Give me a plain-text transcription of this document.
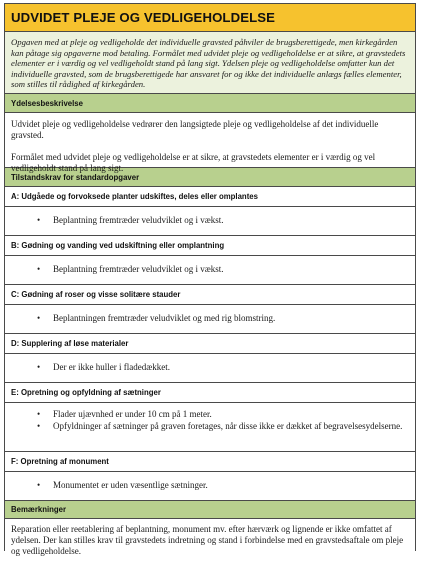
UDVIDET PLEJE OG VEDLIGEHOLDELSE
Opgaven med at pleje og vedligeholde det individuelle gravsted påhviler de brugsberettigede, men kirkegården kan påtage sig opgaverne mod betaling. Formålet med udvidet pleje og vedligeholdelse er at sikre, at gravstedets elementer er i værdig og vel vedligeholdt stand på lang sigt. Ydelsen pleje og vedligeholdelse omfatter kun det individuelle gravsted, som de brugsberettigede har ansvaret for og ikke det individuelle anlægs fælles elementer, som stilles til rådighed af kirkegården.
Ydelsesbeskrivelse

Udvidet pleje og vedligeholdelse vedrører den langsigtede pleje og vedligeholdelse af det individuelle gravsted.

Formålet med udvidet pleje og vedligeholdelse er at sikre, at gravstedets elementer er i værdig og vel

Tilstandskrav for standardopgaver
A: Udgåede og forvoksede planter udskiftes, deles eller omplantes
• Beplantning fremtræder veludviklet og i vækst.
B: Gødning og vanding ved udskiftning eller omplantning
• Beplantning fremtræder veludviklet og i vækst.
C: Gødning af roser og visse solitære stauder
• Beplantningen fremtræder veludviklet og med rig blomstring.
D: Supplering af løse materialer
• Der er ikke huller i fladedækket.
E: Opretning og opfyldning af sætninger
• Flader ujævnhed er under 10 cm på 1 meter.
• Opfyldninger af sætninger på graven foretages, når disse ikke er dækket af begravelsesydelserne.
F: Opretning af monument
• Monumentet er uden væsentlige sætninger.
Bemærkninger

Reparation eller reetablering af beplantning, monument mv. efter hærværk og lignende er ikke omfattet af ydelsen. Der kan stilles krav til gravstedets indretning og stand i forbindelse med en gravstedsaftale om pleje og vedligeholdelse.
